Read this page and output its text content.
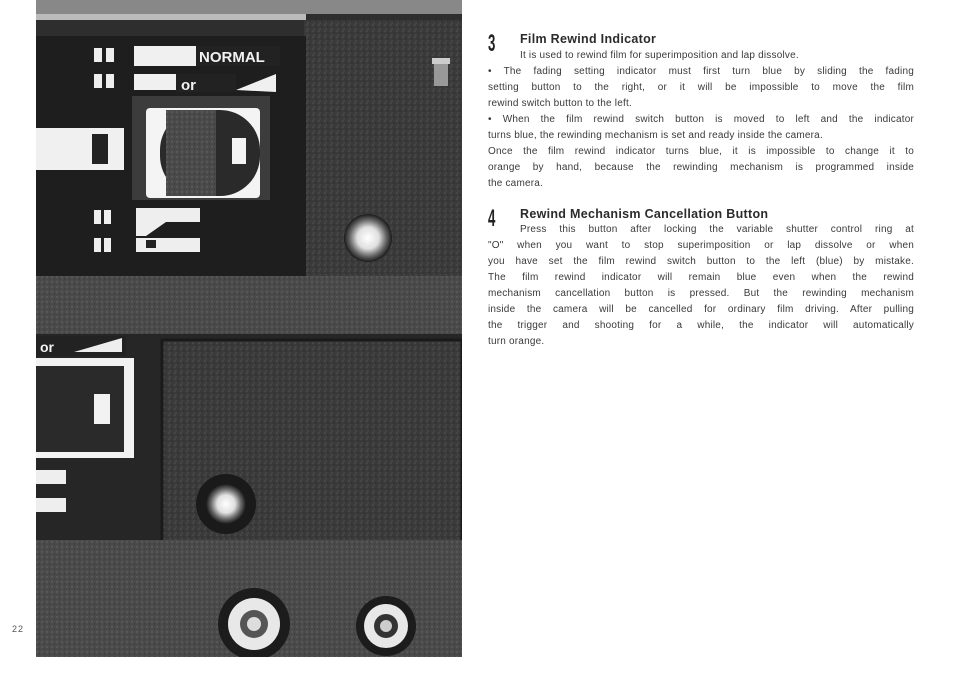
22
NORMAL
or
or
3 Film Rewind Indicator
It is used to rewind film for superimposition and lap dissolve.
• The fading setting indicator must first turn blue by sliding the fading
setting button to the right, or it will be impossible to move the film
rewind switch button to the left.
• When the film rewind switch button is moved to left and the indicator
turns blue, the rewinding mechanism is set and ready inside the camera.
Once the film rewind indicator turns blue, it is impossible to change it to
orange by hand, because the rewinding mechanism is programmed inside
the camera.
4 Rewind Mechanism Cancellation Button
Press this button after locking the variable shutter control ring at
"O" when you want to stop superimposition or lap dissolve or when
you have set the film rewind switch button to the left (blue) by mistake.
The film rewind indicator will remain blue even when the rewind
mechanism cancellation button is pressed. But the rewinding mechanism
inside the camera will be cancelled for ordinary film driving. After pulling
the trigger and shooting for a while, the indicator will automatically
turn orange.
